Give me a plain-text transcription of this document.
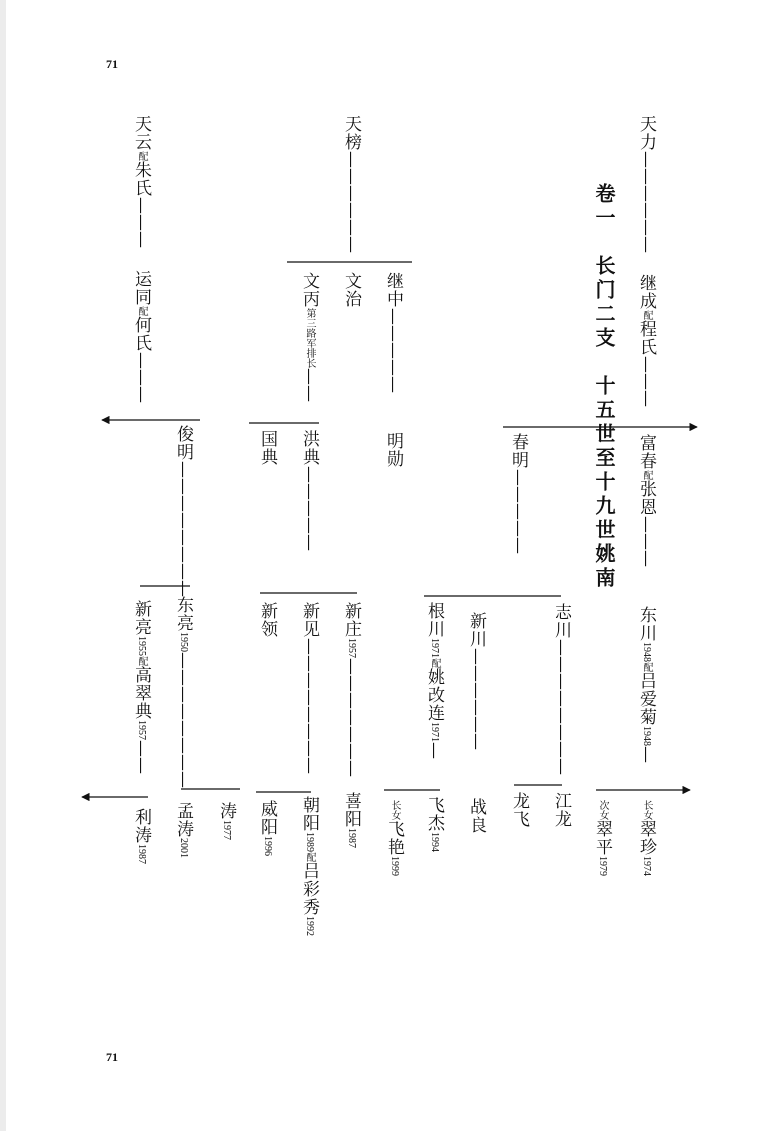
71
71
卷一　长门二支　十五世至十九世姚南
天力——————
继成配程氏———
富春配张恩———
东川1948配吕爱菊1948—
长女翠珍1974
次女翠平1979
春明—————
志川————————
江龙
龙飞
新川——————
战良
根川1971配姚改连1971—
飞杰1994
长女飞艳1999
天榜——————
继中—————
明勋
文治
文丙第三路军排长——
洪典—————
国典
新庄1957———————
喜阳1987
新见————————
朝阳1989配吕彩秀1992
新领
威阳1996
天云配朱氏———
运同配何氏———
俊明————————
东亮1950————————
涛1977
孟涛2001
新亮1955配高翠典1957——
利涛1987
